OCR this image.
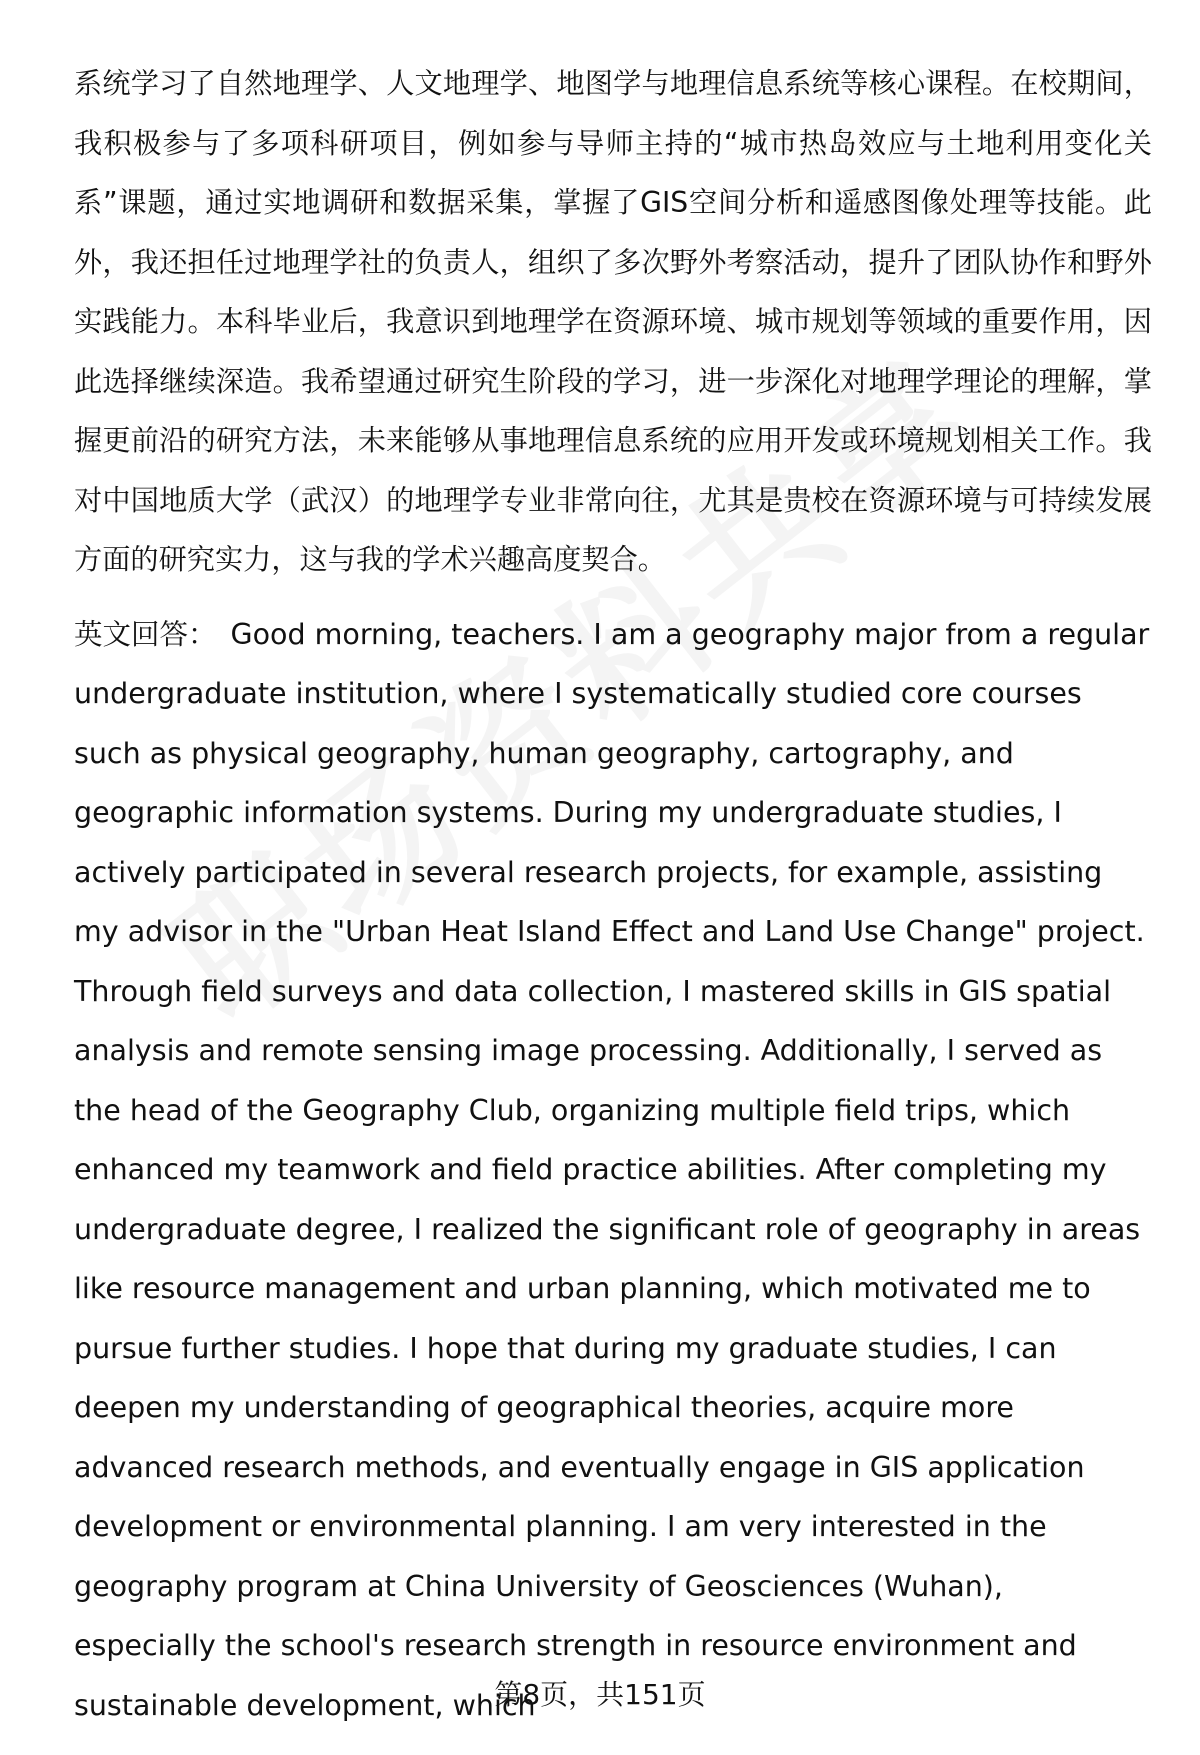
系统学习了自然地理学、人文地理学、地图学与地理信息系统等核心课程。在校期间，我积极参与了多项科研项目，例如参与导师主持的“城市热岛效应与土地利用变化关系”课题，通过实地调研和数据采集，掌握了GIS空间分析和遥感图像处理等技能。此外，我还担任过地理学社的负责人，组织了多次野外考察活动，提升了团队协作和野外实践能力。本科毕业后，我意识到地理学在资源环境、城市规划等领域的重要作用，因此选择继续深造。我希望通过研究生阶段的学习，进一步深化对地理学理论的理解，掌握更前沿的研究方法，未来能够从事地理信息系统的应用开发或环境规划相关工作。我对中国地质大学（武汉）的地理学专业非常向往，尤其是贵校在资源环境与可持续发展方面的研究实力，这与我的学术兴趣高度契合。

英文回答： Good morning, teachers. I am a geography major from a regular undergraduate institution, where I systematically studied core courses such as physical geography, human geography, cartography, and geographic information systems. During my undergraduate studies, I actively participated in several research projects, for example, assisting my advisor in the "Urban Heat Island Effect and Land Use Change" project. Through field surveys and data collection, I mastered skills in GIS spatial analysis and remote sensing image processing. Additionally, I served as the head of the Geography Club, organizing multiple field trips, which enhanced my teamwork and field practice abilities. After completing my undergraduate degree, I realized the significant role of geography in areas like resource management and urban planning, which motivated me to pursue further studies. I hope that during my graduate studies, I can deepen my understanding of geographical theories, acquire more advanced research methods, and eventually engage in GIS application development or environmental planning. I am very interested in the geography program at China University of Geosciences (Wuhan), especially the school's research strength in resource environment and sustainable development, which

第8页，共151页
